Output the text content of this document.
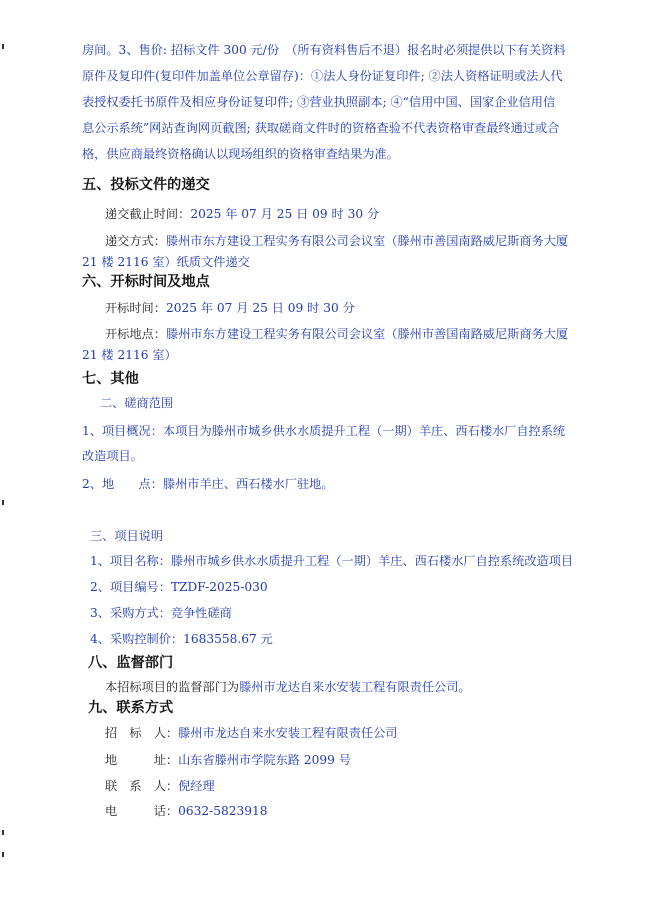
房间。3、售价: 招标文件 300 元/份　（所有资料售后不退）报名时必须提供以下有关资料
原件及复印件(复印件加盖单位公章留存)：①法人身份证复印件; ②法人资格证明或法人代
表授权委托书原件及相应身份证复印件; ③营业执照副本; ④“信用中国、国家企业信用信
息公示系统”网站查询网页截图; 获取磋商文件时的资格查验不代表资格审查最终通过或合
格，供应商最终资格确认以现场组织的资格审查结果为准。
五、投标文件的递交
递交截止时间：2025 年 07 月 25 日 09 时 30 分
递交方式：滕州市东方建设工程实务有限公司会议室（滕州市善国南路威尼斯商务大厦
21 楼 2116 室）纸质文件递交
六、开标时间及地点
开标时间：2025 年 07 月 25 日 09 时 30 分
开标地点：滕州市东方建设工程实务有限公司会议室（滕州市善国南路威尼斯商务大厦
21 楼 2116 室）
七、其他
二、磋商范围
1、项目概况：本项目为滕州市城乡供水水质提升工程（一期）羊庄、西石楼水厂自控系统
改造项目。
2、地　　点：滕州市羊庄、西石楼水厂驻地。
三、项目说明
1、项目名称：滕州市城乡供水水质提升工程（一期）羊庄、西石楼水厂自控系统改造项目
2、项目编号：TZDF-2025-030
3、采购方式：竞争性磋商
4、采购控制价：1683558.67 元
八、监督部门
本招标项目的监督部门为滕州市龙达自来水安装工程有限责任公司。
九、联系方式
招　标　人：滕州市龙达自来水安装工程有限责任公司
地　　　址：山东省滕州市学院东路 2099 号
联　系　人：倪经理
电　　　话：0632-5823918
